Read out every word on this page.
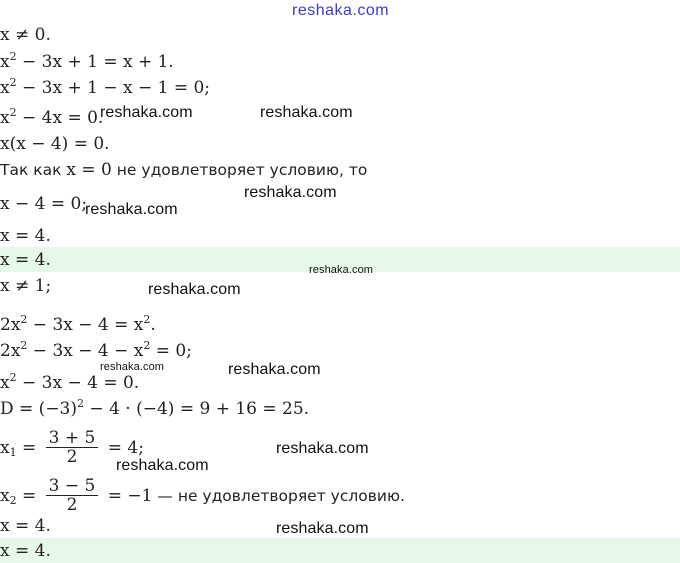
reshaka.com
x ≠ 0.
$x^2 - 3x + 1 = x + 1$.
$x^2 - 3x + 1 - x - 1 = 0$;
$x^2 - 4x = 0$.
x(x − 4) = 0.
Так как x = 0 не удовлетворяет условию, то
x − 4 = 0;
x = 4.
x = 4.
x ≠ 1;
$2x^2 - 3x - 4 = x^2$.
$2x^2 - 3x - 4 - x^2 = 0$;
$x^2 - 3x - 4 = 0$.
$D = (-3)^2 - 4 \cdot (-4) = 9 + 16 = 25$.
$x_1 = \frac{3 + 5}{2} = 4$;
$x_2 = \frac{3 - 5}{2} = -1$ — не удовлетворяет условию.
x = 4.
x = 4.
reshaka.com	reshaka.com
reshaka.com
reshaka.com
reshaka.com
reshaka.com
reshaka.com	reshaka.com
reshaka.com
reshaka.com
reshaka.com
